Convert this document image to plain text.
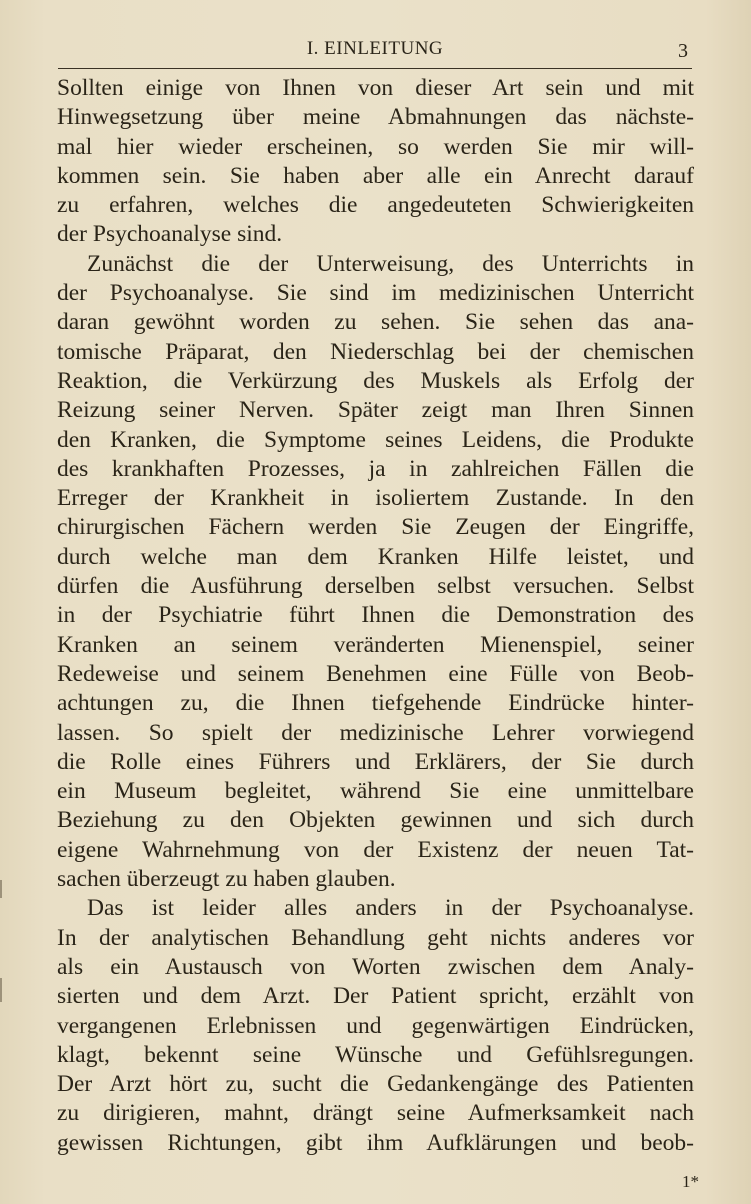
I. EINLEITUNG	3
Sollten einige von Ihnen von dieser Art sein und mit
Hinwegsetzung über meine Abmahnungen das nächste-
mal hier wieder erscheinen, so werden Sie mir will-
kommen sein. Sie haben aber alle ein Anrecht darauf
zu erfahren, welches die angedeuteten Schwierigkeiten
der Psychoanalyse sind.
Zunächst die der Unterweisung, des Unterrichts in
der Psychoanalyse. Sie sind im medizinischen Unterricht
daran gewöhnt worden zu sehen. Sie sehen das ana-
tomische Präparat, den Niederschlag bei der chemischen
Reaktion, die Verkürzung des Muskels als Erfolg der
Reizung seiner Nerven. Später zeigt man Ihren Sinnen
den Kranken, die Symptome seines Leidens, die Produkte
des krankhaften Prozesses, ja in zahlreichen Fällen die
Erreger der Krankheit in isoliertem Zustande. In den
chirurgischen Fächern werden Sie Zeugen der Eingriffe,
durch welche man dem Kranken Hilfe leistet, und
dürfen die Ausführung derselben selbst versuchen. Selbst
in der Psychiatrie führt Ihnen die Demonstration des
Kranken an seinem veränderten Mienenspiel, seiner
Redeweise und seinem Benehmen eine Fülle von Beob-
achtungen zu, die Ihnen tiefgehende Eindrücke hinter-
lassen. So spielt der medizinische Lehrer vorwiegend
die Rolle eines Führers und Erklärers, der Sie durch
ein Museum begleitet, während Sie eine unmittelbare
Beziehung zu den Objekten gewinnen und sich durch
eigene Wahrnehmung von der Existenz der neuen Tat-
sachen überzeugt zu haben glauben.
Das ist leider alles anders in der Psychoanalyse.
In der analytischen Behandlung geht nichts anderes vor
als ein Austausch von Worten zwischen dem Analy-
sierten und dem Arzt. Der Patient spricht, erzählt von
vergangenen Erlebnissen und gegenwärtigen Eindrücken,
klagt, bekennt seine Wünsche und Gefühlsregungen.
Der Arzt hört zu, sucht die Gedankengänge des Patienten
zu dirigieren, mahnt, drängt seine Aufmerksamkeit nach
gewissen Richtungen, gibt ihm Aufklärungen und beob-
1*
